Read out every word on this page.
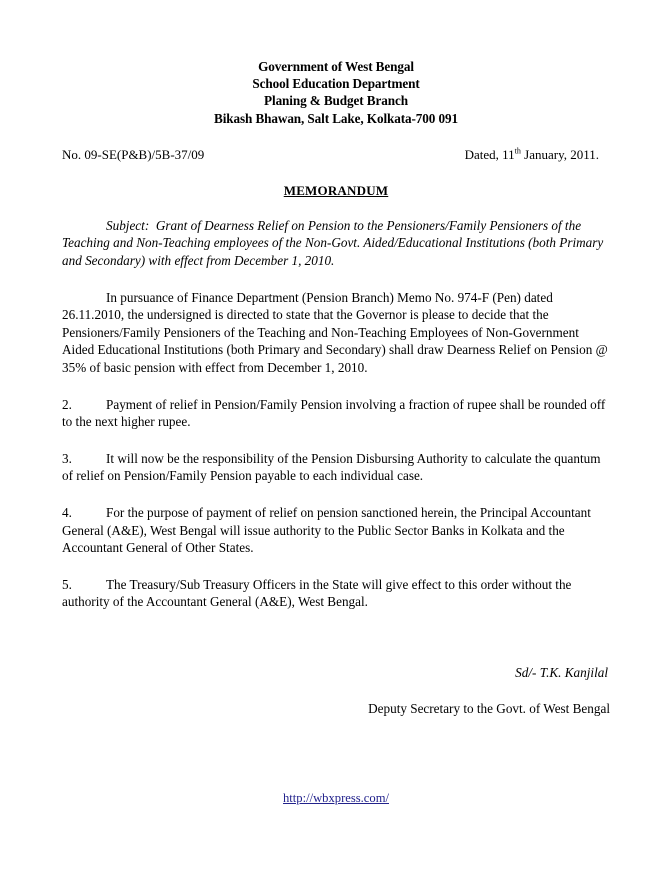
Government of West Bengal
School Education Department
Planing & Budget Branch
Bikash Bhawan, Salt Lake, Kolkata-700 091
No. 09-SE(P&B)/5B-37/09	Dated, 11th January, 2011.
MEMORANDUM
Subject: Grant of Dearness Relief on Pension to the Pensioners/Family Pensioners of the Teaching and Non-Teaching employees of the Non-Govt. Aided/Educational Institutions (both Primary and Secondary) with effect from December 1, 2010.
In pursuance of Finance Department (Pension Branch) Memo No. 974-F (Pen) dated 26.11.2010, the undersigned is directed to state that the Governor is please to decide that the Pensioners/Family Pensioners of the Teaching and Non-Teaching Employees of Non-Government Aided Educational Institutions (both Primary and Secondary) shall draw Dearness Relief on Pension @ 35% of basic pension with effect from December 1, 2010.
2.	Payment of relief in Pension/Family Pension involving a fraction of rupee shall be rounded off to the next higher rupee.
3.	It will now be the responsibility of the Pension Disbursing Authority to calculate the quantum of relief on Pension/Family Pension payable to each individual case.
4.	For the purpose of payment of relief on pension sanctioned herein, the Principal Accountant General (A&E), West Bengal will issue authority to the Public Sector Banks in Kolkata and the Accountant General of Other States.
5.	The Treasury/Sub Treasury Officers in the State will give effect to this order without the authority of the Accountant General (A&E), West Bengal.
Sd/- T.K. Kanjilal
Deputy Secretary to the Govt. of West Bengal
http://wbxpress.com/
